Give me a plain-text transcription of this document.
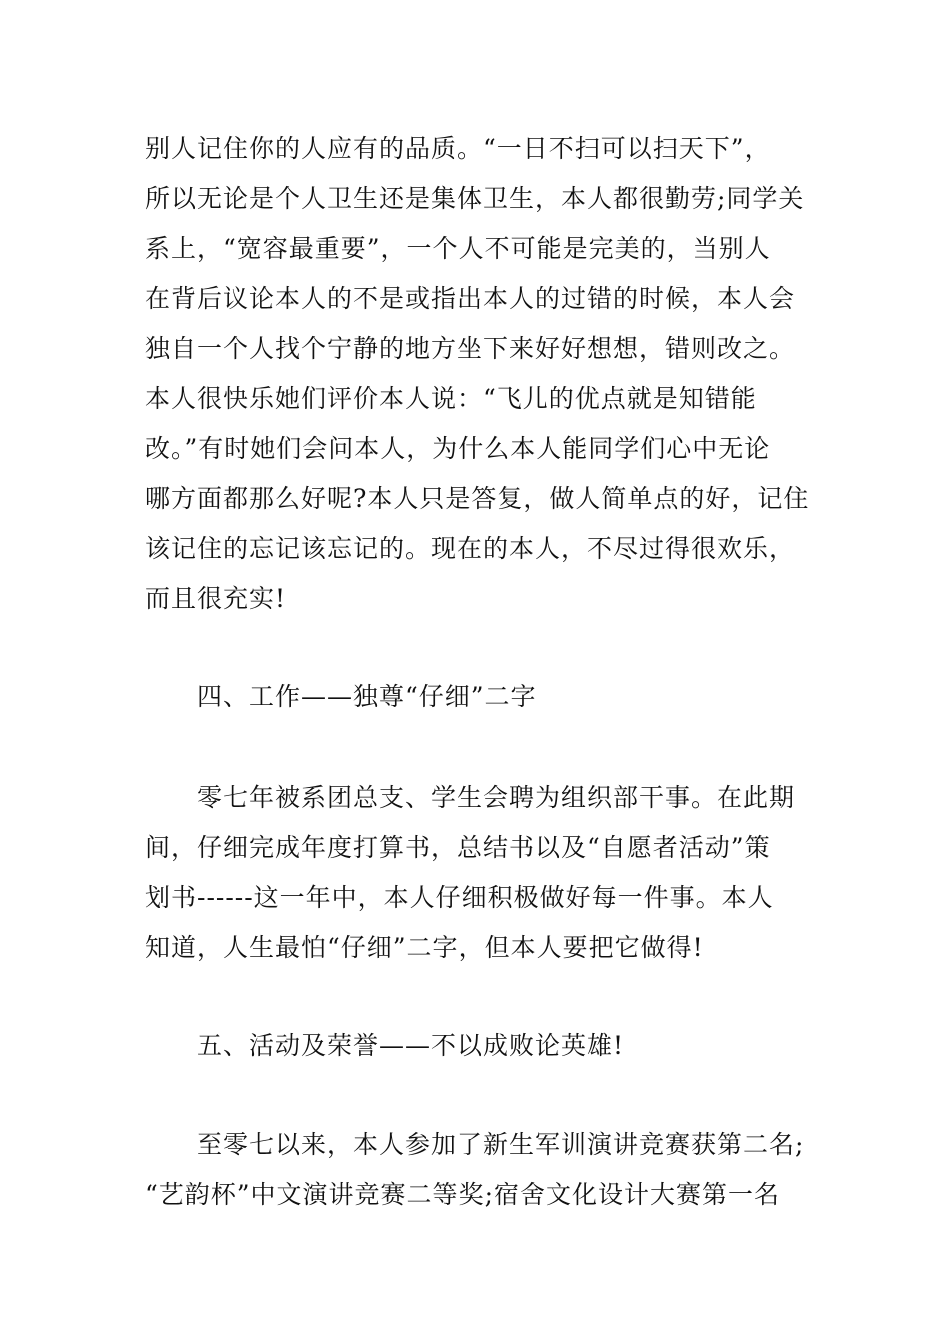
别人记住你的人应有的品质。“一日不扫可以扫天下”，
所以无论是个人卫生还是集体卫生，本人都很勤劳;同学关
系上，“宽容最重要”，一个人不可能是完美的，当别人
在背后议论本人的不是或指出本人的过错的时候，本人会
独自一个人找个宁静的地方坐下来好好想想，错则改之。
本人很快乐她们评价本人说：“飞儿的优点就是知错能
改。”有时她们会问本人，为什么本人能同学们心中无论
哪方面都那么好呢?本人只是答复，做人简单点的好，记住
该记住的忘记该忘记的。现在的本人，不尽过得很欢乐，
而且很充实!
四、工作——独尊“仔细”二字
零七年被系团总支、学生会聘为组织部干事。在此期
间，仔细完成年度打算书，总结书以及“自愿者活动”策
划书------这一年中，本人仔细积极做好每一件事。本人
知道，人生最怕“仔细”二字，但本人要把它做得!
五、活动及荣誉——不以成败论英雄!
至零七以来，本人参加了新生军训演讲竞赛获第二名;
“艺韵杯”中文演讲竞赛二等奖;宿舍文化设计大赛第一名
